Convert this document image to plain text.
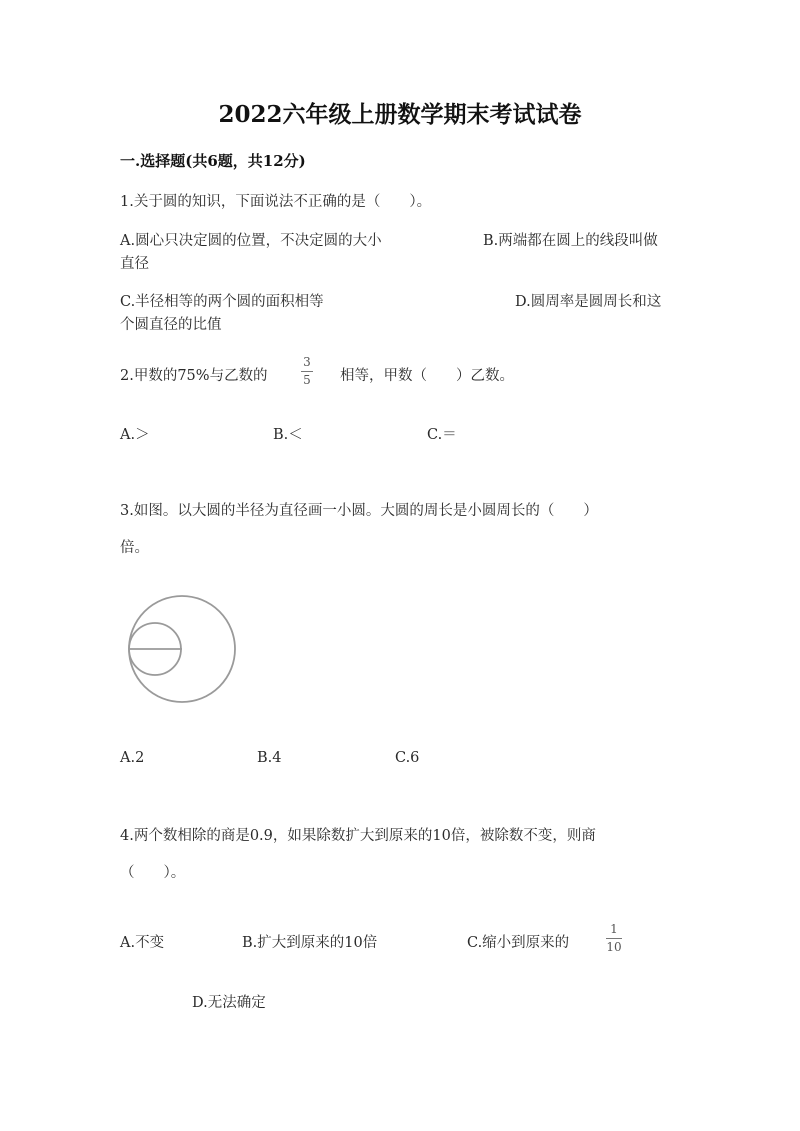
2022六年级上册数学期末考试试卷
一.选择题(共6题，共12分)
1.关于圆的知识，下面说法不正确的是（　　）。
A.圆心只决定圆的位置，不决定圆的大小
直径
B.两端都在圆上的线段叫做
C.半径相等的两个圆的面积相等	D.圆周率是圆周长和这
个圆直径的比值
2.甲数的75%与乙数的
3
5 相等，甲数（　　）乙数。
A.＞	B.＜	C.＝
3.如图。以大圆的半径为直径画一小圆。大圆的周长是小圆周长的（　　）
倍。
A.2	B.4	C.6
4.两个数相除的商是0.9，如果除数扩大到原来的10倍，被除数不变，则商
（　　）。
A.不变	B.扩大到原来的10倍	C.缩小到原来的
1
10
D.无法确定
